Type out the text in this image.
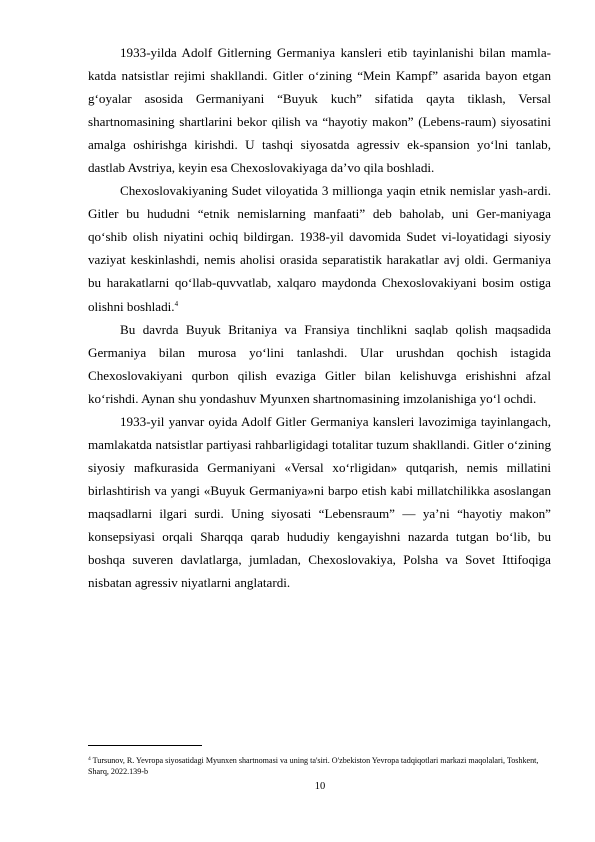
1933-yilda Adolf Gitlerning Germaniya kansleri etib tayinlanishi bilan mamla-katda natsistlar rejimi shakllandi. Gitler o‘zining “Mein Kampf” asarida bayon etgan g‘oyalar asosida Germaniyani “Buyuk kuch” sifatida qayta tiklash, Versal shartnomasining shartlarini bekor qilish va “hayotiy makon” (Lebens-raum) siyosatini amalga oshirishga kirishdi. U tashqi siyosatda agressiv ek-spansion yo‘lni tanlab, dastlab Avstriya, keyin esa Chexoslovakiyaga da’vo qila boshladi.

Chexoslovakiyaning Sudet viloyatida 3 millionga yaqin etnik nemislar yash-ardi. Gitler bu hududni “etnik nemislarning manfaati” deb baholab, uni Ger-maniyaga qo‘shib olish niyatini ochiq bildirgan. 1938-yil davomida Sudet vi-loyatidagi siyosiy vaziyat keskinlashdi, nemis aholisi orasida separatistik harakatlar avj oldi. Germaniya bu harakatlarni qo‘llab-quvvatlab, xalqaro maydonda Chexoslovakiyani bosim ostiga olishni boshladi.$^4$

Bu davrda Buyuk Britaniya va Fransiya tinchlikni saqlab qolish maqsadida Germaniya bilan murosa yo‘lini tanlashdi. Ular urushdan qochish istagida Chexoslovakiyani qurbon qilish evaziga Gitler bilan kelishuvga erishishni afzal ko‘rishdi. Aynan shu yondashuv Myunxen shartnomasining imzolanishiga yo‘l ochdi.

1933-yil yanvar oyida Adolf Gitler Germaniya kansleri lavozimiga tayinlangach, mamlakatda natsistlar partiyasi rahbarligidagi totalitar tuzum shakllandi. Gitler o‘zining siyosiy mafkurasida Germaniyani «Versal xo‘rligidan» qutqarish, nemis millatini birlashtirish va yangi «Buyuk Germaniya»ni barpo etish kabi millatchilikka asoslangan maqsadlarni ilgari surdi. Uning siyosati “Lebensraum” — ya’ni “hayotiy makon” konsepsiyasi orqali Sharqqa qarab hududiy kengayishni nazarda tutgan bo‘lib, bu boshqa suveren davlatlarga, jumladan, Chexoslovakiya, Polsha va Sovet Ittifoqiga nisbatan agressiv niyatlarni anglatardi.

$^4$ Tursunov, R. Yevropa siyosatidagi Myunxen shartnomasi va uning ta'siri. O'zbekiston Yevropa tadqiqotlari markazi maqolalari, Toshkent, Sharq, 2022.139-b
10
